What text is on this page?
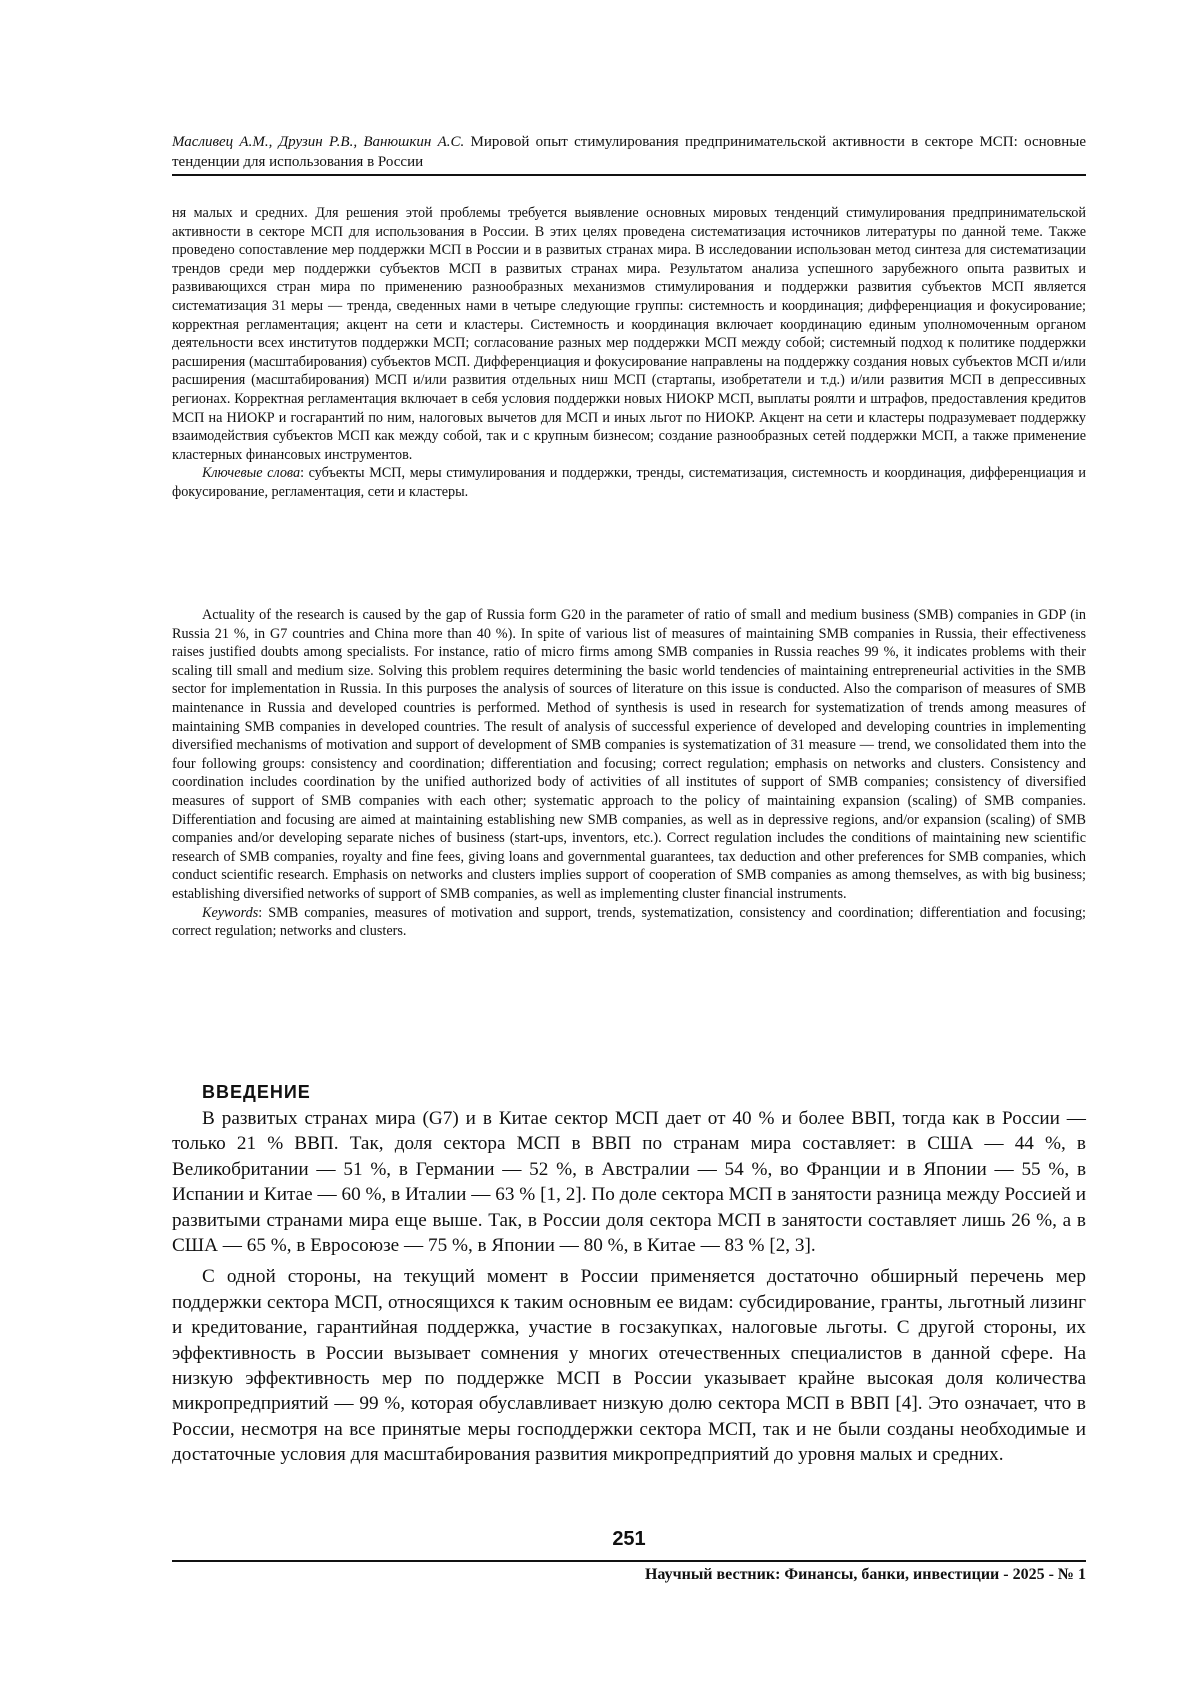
Масливец А.М., Друзин Р.В., Ванюшкин А.С. Мировой опыт стимулирования предпринимательской активности в секторе МСП: основные тенденции для использования в России

ня малых и средних. Для решения этой проблемы требуется выявление основных мировых тенденций стимулирования предпринимательской активности в секторе МСП для использования в России. В этих целях проведена систематизация источников литературы по данной теме. Также проведено сопоставление мер поддержки МСП в России и в развитых странах мира. В исследовании использован метод синтеза для систематизации трендов среди мер поддержки субъектов МСП в развитых странах мира. Результатом анализа успешного зарубежного опыта развитых и развивающихся стран мира по применению разнообразных механизмов стимулирования и поддержки развития субъектов МСП является систематизация 31 меры — тренда, сведенных нами в четыре следующие группы: системность и координация; дифференциация и фокусирование; корректная регламентация; акцент на сети и кластеры. Системность и координация включает координацию единым уполномоченным органом деятельности всех институтов поддержки МСП; согласование разных мер поддержки МСП между собой; системный подход к политике поддержки расширения (масштабирования) субъектов МСП. Дифференциация и фокусирование направлены на поддержку создания новых субъектов МСП и/или расширения (масштабирования) МСП и/или развития отдельных ниш МСП (стартапы, изобретатели и т.д.) и/или развития МСП в депрессивных регионах. Корректная регламентация включает в себя условия поддержки новых НИОКР МСП, выплаты роялти и штрафов, предоставления кредитов МСП на НИОКР и госгарантий по ним, налоговых вычетов для МСП и иных льгот по НИОКР. Акцент на сети и кластеры подразумевает поддержку взаимодействия субъектов МСП как между собой, так и с крупным бизнесом; создание разнообразных сетей поддержки МСП, а также применение кластерных финансовых инструментов.

Ключевые слова: субъекты МСП, меры стимулирования и поддержки, тренды, систематизация, системность и координация, дифференциация и фокусирование, регламентация, сети и кластеры.

Actuality of the research is caused by the gap of Russia form G20 in the parameter of ratio of small and medium business (SMB) companies in GDP (in Russia 21 %, in G7 countries and China more than 40 %). In spite of various list of measures of maintaining SMB companies in Russia, their effectiveness raises justified doubts among specialists. For instance, ratio of micro firms among SMB companies in Russia reaches 99 %, it indicates problems with their scaling till small and medium size. Solving this problem requires determining the basic world tendencies of maintaining entrepreneurial activities in the SMB sector for implementation in Russia. In this purposes the analysis of sources of literature on this issue is conducted. Also the comparison of measures of SMB maintenance in Russia and developed countries is performed. Method of synthesis is used in research for systematization of trends among measures of maintaining SMB companies in developed countries. The result of analysis of successful experience of developed and developing countries in implementing diversified mechanisms of motivation and support of development of SMB companies is systematization of 31 measure — trend, we consolidated them into the four following groups: consistency and coordination; differentiation and focusing; correct regulation; emphasis on networks and clusters. Consistency and coordination includes coordination by the unified authorized body of activities of all institutes of support of SMB companies; consistency of diversified measures of support of SMB companies with each other; systematic approach to the policy of maintaining expansion (scaling) of SMB companies. Differentiation and focusing are aimed at maintaining establishing new SMB companies, as well as in depressive regions, and/or expansion (scaling) of SMB companies and/or developing separate niches of business (start-ups, inventors, etc.). Correct regulation includes the conditions of maintaining new scientific research of SMB companies, royalty and fine fees, giving loans and governmental guarantees, tax deduction and other preferences for SMB companies, which conduct scientific research. Emphasis on networks and clusters implies support of cooperation of SMB companies as among themselves, as with big business; establishing diversified networks of support of SMB companies, as well as implementing cluster financial instruments.

Keywords: SMB companies, measures of motivation and support, trends, systematization, consistency and coordination; differentiation and focusing; correct regulation; networks and clusters.

ВВЕДЕНИЕ

В развитых странах мира (G7) и в Китае сектор МСП дает от 40 % и более ВВП, тогда как в России — только 21 % ВВП. Так, доля сектора МСП в ВВП по странам мира составляет: в США — 44 %, в Великобритании — 51 %, в Германии — 52 %, в Австралии — 54 %, во Франции и в Японии — 55 %, в Испании и Китае — 60 %, в Италии — 63 % [1, 2]. По доле сектора МСП в занятости разница между Россией и развитыми странами мира еще выше. Так, в России доля сектора МСП в занятости составляет лишь 26 %, а в США — 65 %, в Евросоюзе — 75 %, в Японии — 80 %, в Китае — 83 % [2, 3].

С одной стороны, на текущий момент в России применяется достаточно обширный перечень мер поддержки сектора МСП, относящихся к таким основным ее видам: субсидирование, гранты, льготный лизинг и кредитование, гарантийная поддержка, участие в госзакупках, налоговые льготы. С другой стороны, их эффективность в России вызывает сомнения у многих отечественных специалистов в данной сфере. На низкую эффективность мер по поддержке МСП в России указывает крайне высокая доля количества микропредприятий — 99 %, которая обуславливает низкую долю сектора МСП в ВВП [4]. Это означает, что в России, несмотря на все принятые меры господдержки сектора МСП, так и не были созданы необходимые и достаточные условия для масштабирования развития микропредприятий до уровня малых и средних.

251
Научный вестник: Финансы, банки, инвестиции - 2025 - № 1
